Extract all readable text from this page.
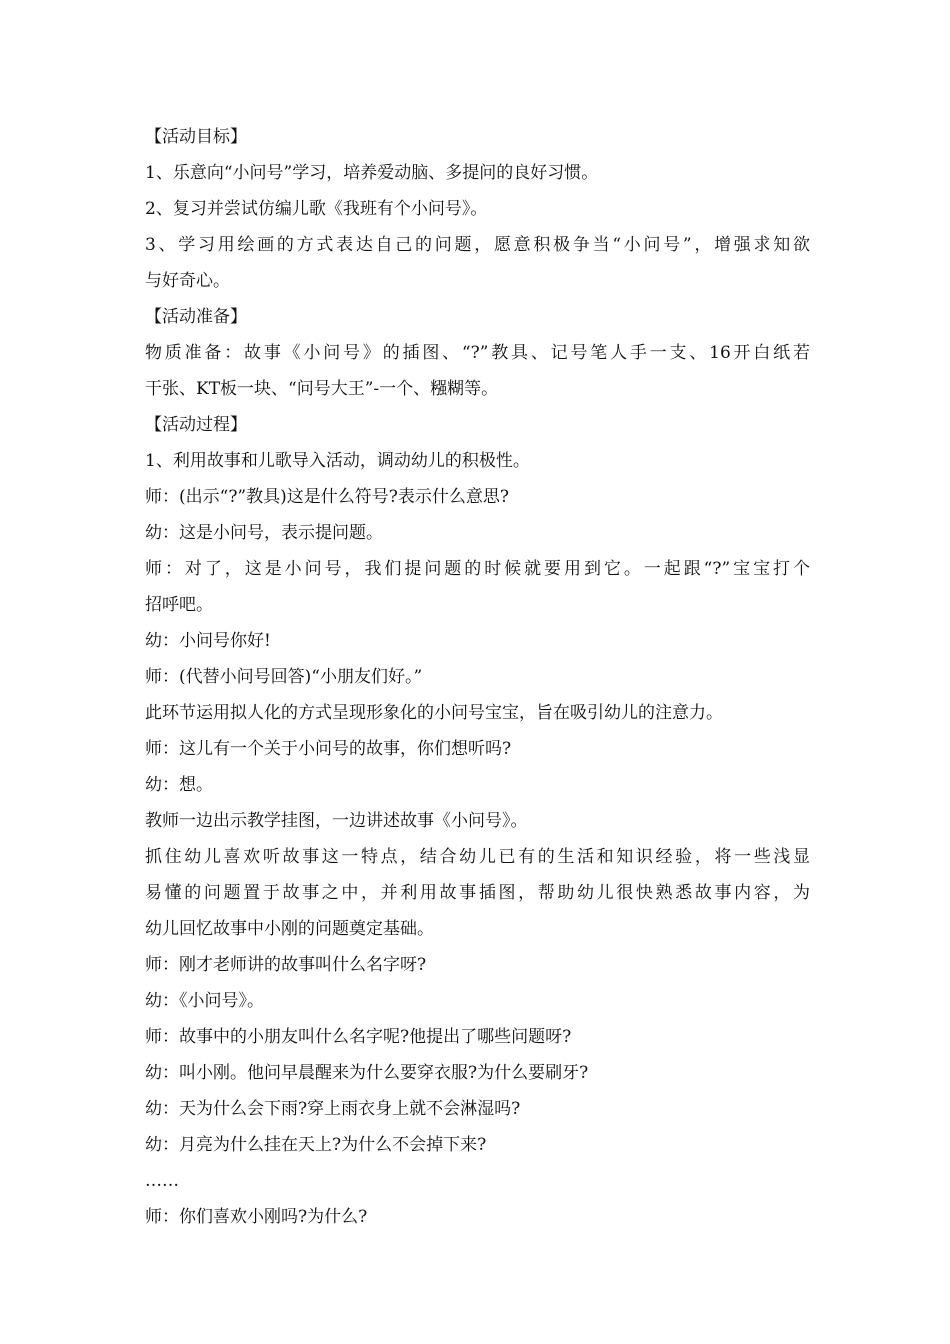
【活动目标】
1、乐意向“小问号”学习，培养爱动脑、多提问的良好习惯。
2、复习并尝试仿编儿歌《我班有个小问号》。
3、学习用绘画的方式表达自己的问题，愿意积极争当“小问号”，增强求知欲
与好奇心。
【活动准备】
物质准备：故事《小问号》的插图、“?”教具、记号笔人手一支、16开白纸若
干张、KT板一块、“问号大王”-一个、糨糊等。
【活动过程】
1、利用故事和儿歌导入活动，调动幼儿的积极性。
师：(出示“?”教具)这是什么符号?表示什么意思?
幼：这是小问号，表示提问题。
师：对了，这是小问号，我们提问题的时候就要用到它。一起跟“?”宝宝打个
招呼吧。
幼：小问号你好!
师：(代替小问号回答)“小朋友们好。”
此环节运用拟人化的方式呈现形象化的小问号宝宝，旨在吸引幼儿的注意力。
师：这儿有一个关于小问号的故事，你们想听吗?
幼：想。
教师一边出示教学挂图，一边讲述故事《小问号》。
抓住幼儿喜欢听故事这一特点，结合幼儿已有的生活和知识经验，将一些浅显
易懂的问题置于故事之中，并利用故事插图，帮助幼儿很快熟悉故事内容，为
幼儿回忆故事中小刚的问题奠定基础。
师：刚才老师讲的故事叫什么名字呀?
幼：《小问号》。
师：故事中的小朋友叫什么名字呢?他提出了哪些问题呀?
幼：叫小刚。他问早晨醒来为什么要穿衣服?为什么要刷牙?
幼：天为什么会下雨?穿上雨衣身上就不会淋湿吗?
幼：月亮为什么挂在天上?为什么不会掉下来?
……
师：你们喜欢小刚吗?为什么?
